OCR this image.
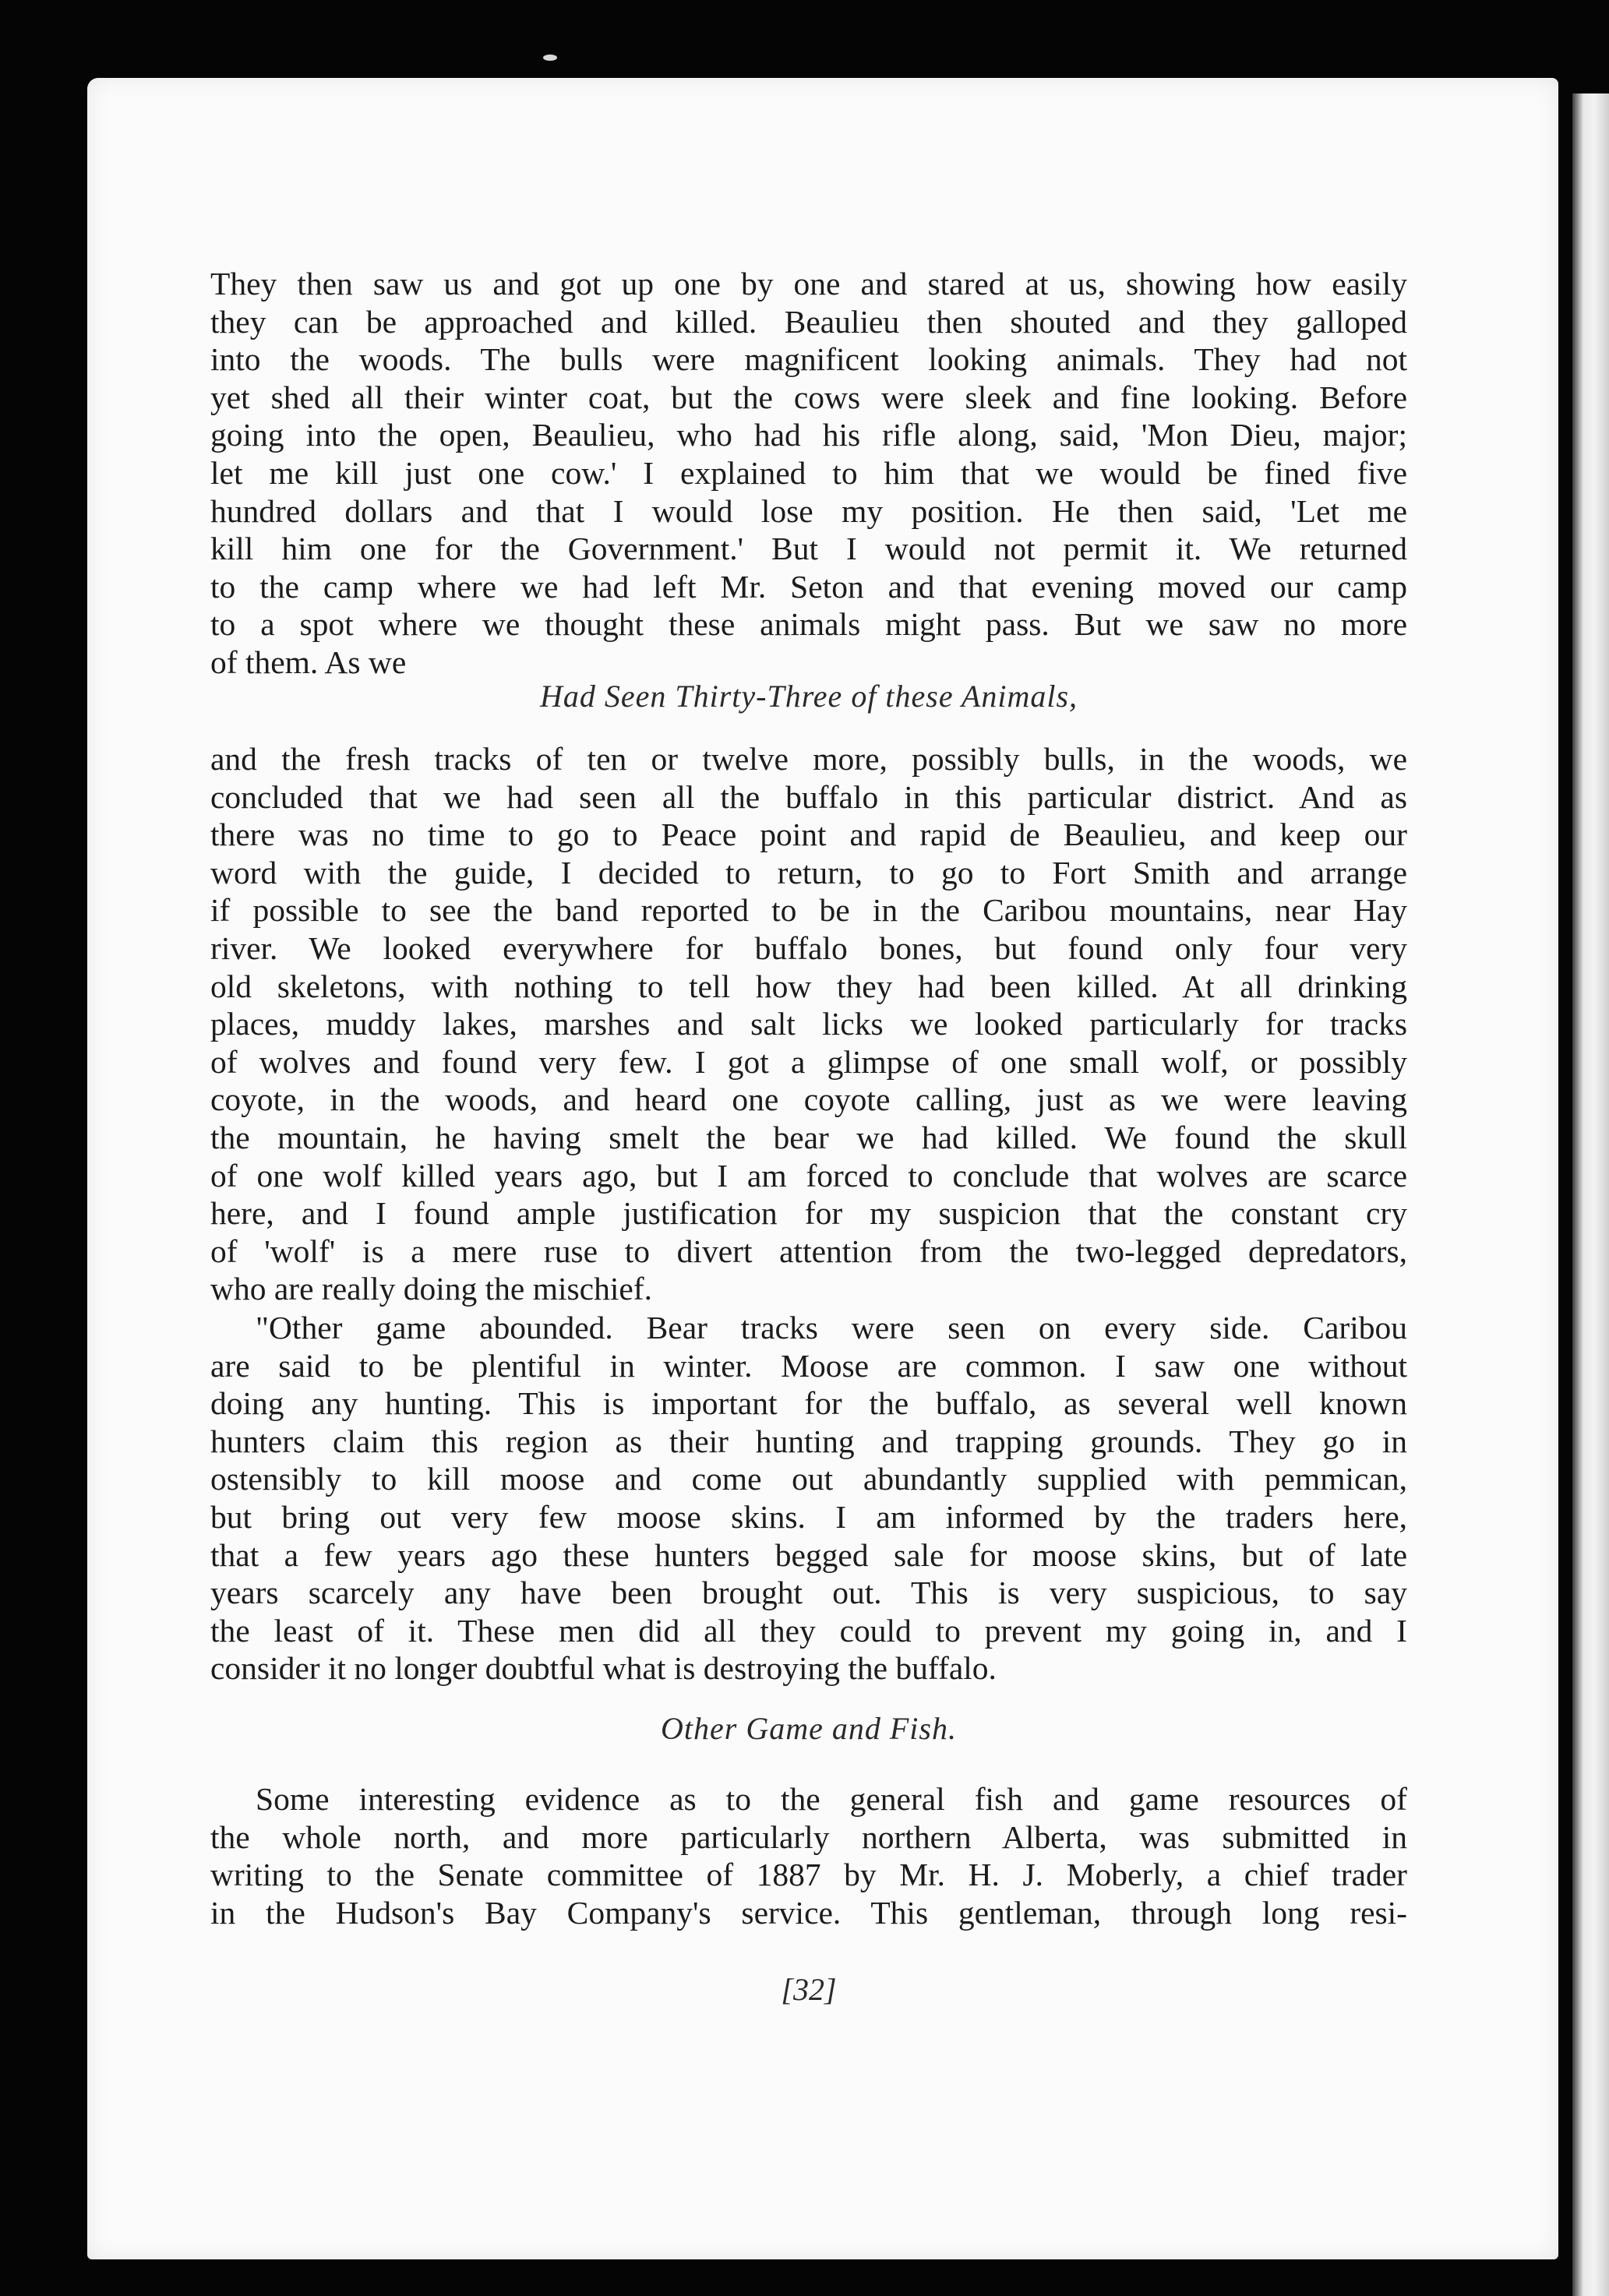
They then saw us and got up one by one and stared at us, showing how easily
they can be approached and killed. Beaulieu then shouted and they galloped
into the woods. The bulls were magnificent looking animals. They had not
yet shed all their winter coat, but the cows were sleek and fine looking. Before
going into the open, Beaulieu, who had his rifle along, said, 'Mon Dieu, major;
let me kill just one cow.' I explained to him that we would be fined five
hundred dollars and that I would lose my position. He then said, 'Let me
kill him one for the Government.' But I would not permit it. We returned
to the camp where we had left Mr. Seton and that evening moved our camp
to a spot where we thought these animals might pass. But we saw no more
of them. As we
Had Seen Thirty-Three of these Animals,
and the fresh tracks of ten or twelve more, possibly bulls, in the woods, we
concluded that we had seen all the buffalo in this particular district. And as
there was no time to go to Peace point and rapid de Beaulieu, and keep our
word with the guide, I decided to return, to go to Fort Smith and arrange
if possible to see the band reported to be in the Caribou mountains, near Hay
river. We looked everywhere for buffalo bones, but found only four very
old skeletons, with nothing to tell how they had been killed. At all drinking
places, muddy lakes, marshes and salt licks we looked particularly for tracks
of wolves and found very few. I got a glimpse of one small wolf, or possibly
coyote, in the woods, and heard one coyote calling, just as we were leaving
the mountain, he having smelt the bear we had killed. We found the skull
of one wolf killed years ago, but I am forced to conclude that wolves are scarce
here, and I found ample justification for my suspicion that the constant cry
of 'wolf' is a mere ruse to divert attention from the two-legged depredators,
who are really doing the mischief.
"Other game abounded. Bear tracks were seen on every side. Caribou
are said to be plentiful in winter. Moose are common. I saw one without
doing any hunting. This is important for the buffalo, as several well known
hunters claim this region as their hunting and trapping grounds. They go in
ostensibly to kill moose and come out abundantly supplied with pemmican,
but bring out very few moose skins. I am informed by the traders here,
that a few years ago these hunters begged sale for moose skins, but of late
years scarcely any have been brought out. This is very suspicious, to say
the least of it. These men did all they could to prevent my going in, and I
consider it no longer doubtful what is destroying the buffalo.
Other Game and Fish.
Some interesting evidence as to the general fish and game resources of
the whole north, and more particularly northern Alberta, was submitted in
writing to the Senate committee of 1887 by Mr. H. J. Moberly, a chief trader
in the Hudson's Bay Company's service. This gentleman, through long resi-
[32]
